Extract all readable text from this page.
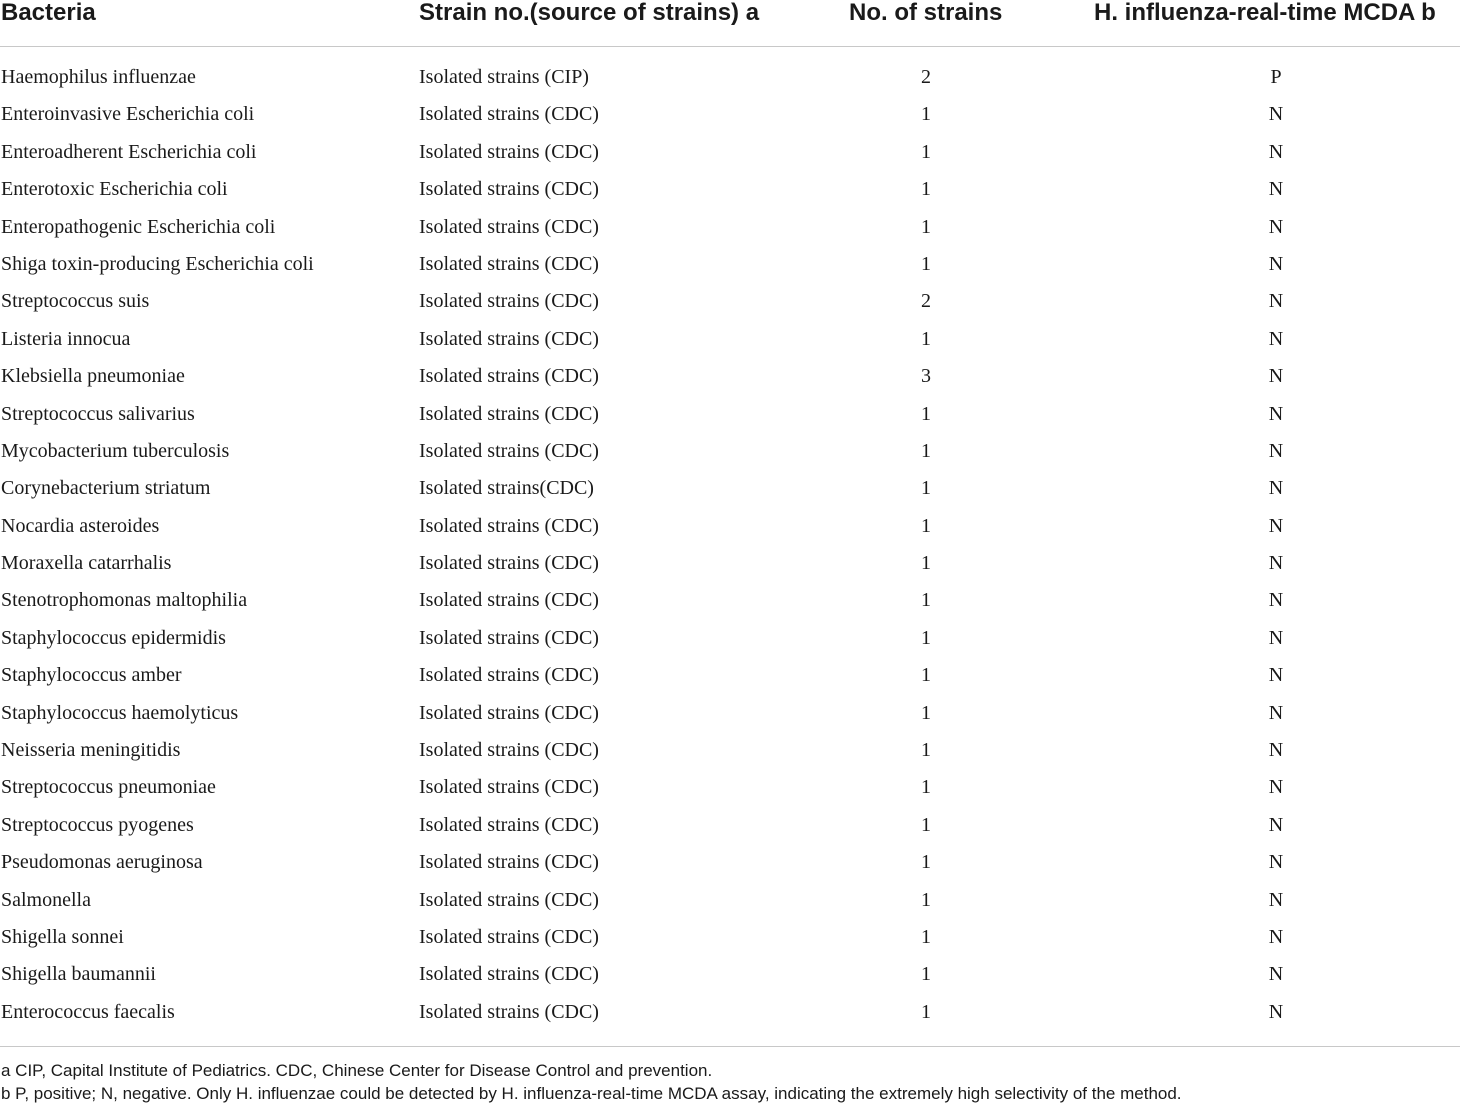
Bacteria	Strain no.(source of strains) a	No. of strains	H. influenza-real-time MCDA b
Haemophilus influenzae	Isolated strains (CIP)	2	P
Enteroinvasive Escherichia coli	Isolated strains (CDC)	1	N
Enteroadherent Escherichia coli	Isolated strains (CDC)	1	N
Enterotoxic Escherichia coli	Isolated strains (CDC)	1	N
Enteropathogenic Escherichia coli	Isolated strains (CDC)	1	N
Shiga toxin-producing Escherichia coli	Isolated strains (CDC)	1	N
Streptococcus suis	Isolated strains (CDC)	2	N
Listeria innocua	Isolated strains (CDC)	1	N
Klebsiella pneumoniae	Isolated strains (CDC)	3	N
Streptococcus salivarius	Isolated strains (CDC)	1	N
Mycobacterium tuberculosis	Isolated strains (CDC)	1	N
Corynebacterium striatum	Isolated strains(CDC)	1	N
Nocardia asteroides	Isolated strains (CDC)	1	N
Moraxella catarrhalis	Isolated strains (CDC)	1	N
Stenotrophomonas maltophilia	Isolated strains (CDC)	1	N
Staphylococcus epidermidis	Isolated strains (CDC)	1	N
Staphylococcus amber	Isolated strains (CDC)	1	N
Staphylococcus haemolyticus	Isolated strains (CDC)	1	N
Neisseria meningitidis	Isolated strains (CDC)	1	N
Streptococcus pneumoniae	Isolated strains (CDC)	1	N
Streptococcus pyogenes	Isolated strains (CDC)	1	N
Pseudomonas aeruginosa	Isolated strains (CDC)	1	N
Salmonella	Isolated strains (CDC)	1	N
Shigella sonnei	Isolated strains (CDC)	1	N
Shigella baumannii	Isolated strains (CDC)	1	N
Enterococcus faecalis	Isolated strains (CDC)	1	N
a CIP, Capital Institute of Pediatrics. CDC, Chinese Center for Disease Control and prevention.
b P, positive; N, negative. Only H. influenzae could be detected by H. influenza-real-time MCDA assay, indicating the extremely high selectivity of the method.
